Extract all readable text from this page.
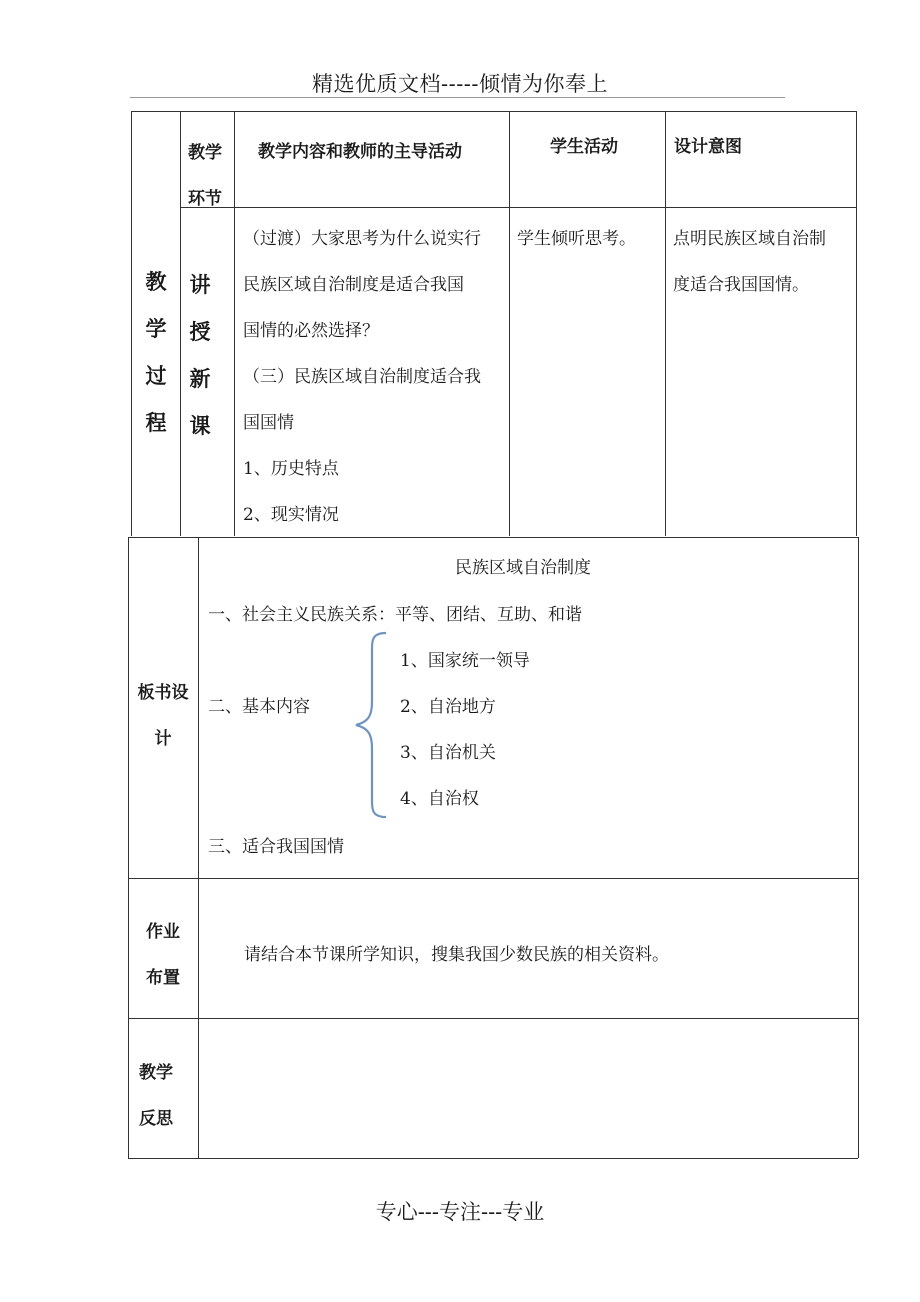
精选优质文档-----倾情为你奉上
专心---专注---专业
教
学
过
程
教学
环节
教学内容和教师的主导活动	学生活动	设计意图
讲
授
新
课
（过渡）大家思考为什么说实行
民族区域自治制度是适合我国
国情的必然选择？
（三）民族区域自治制度适合我
国国情
1、历史特点
2、现实情况
学生倾听思考。 点明民族区域自治制
度适合我国国情。
板书设
计
民族区域自治制度
一、社会主义民族关系：平等、团结、互助、和谐
二、基本内容
1、国家统一领导
2、自治地方
3、自治机关
4、自治权
三、适合我国国情
作业
布置
请结合本节课所学知识，搜集我国少数民族的相关资料。
教学
反思
